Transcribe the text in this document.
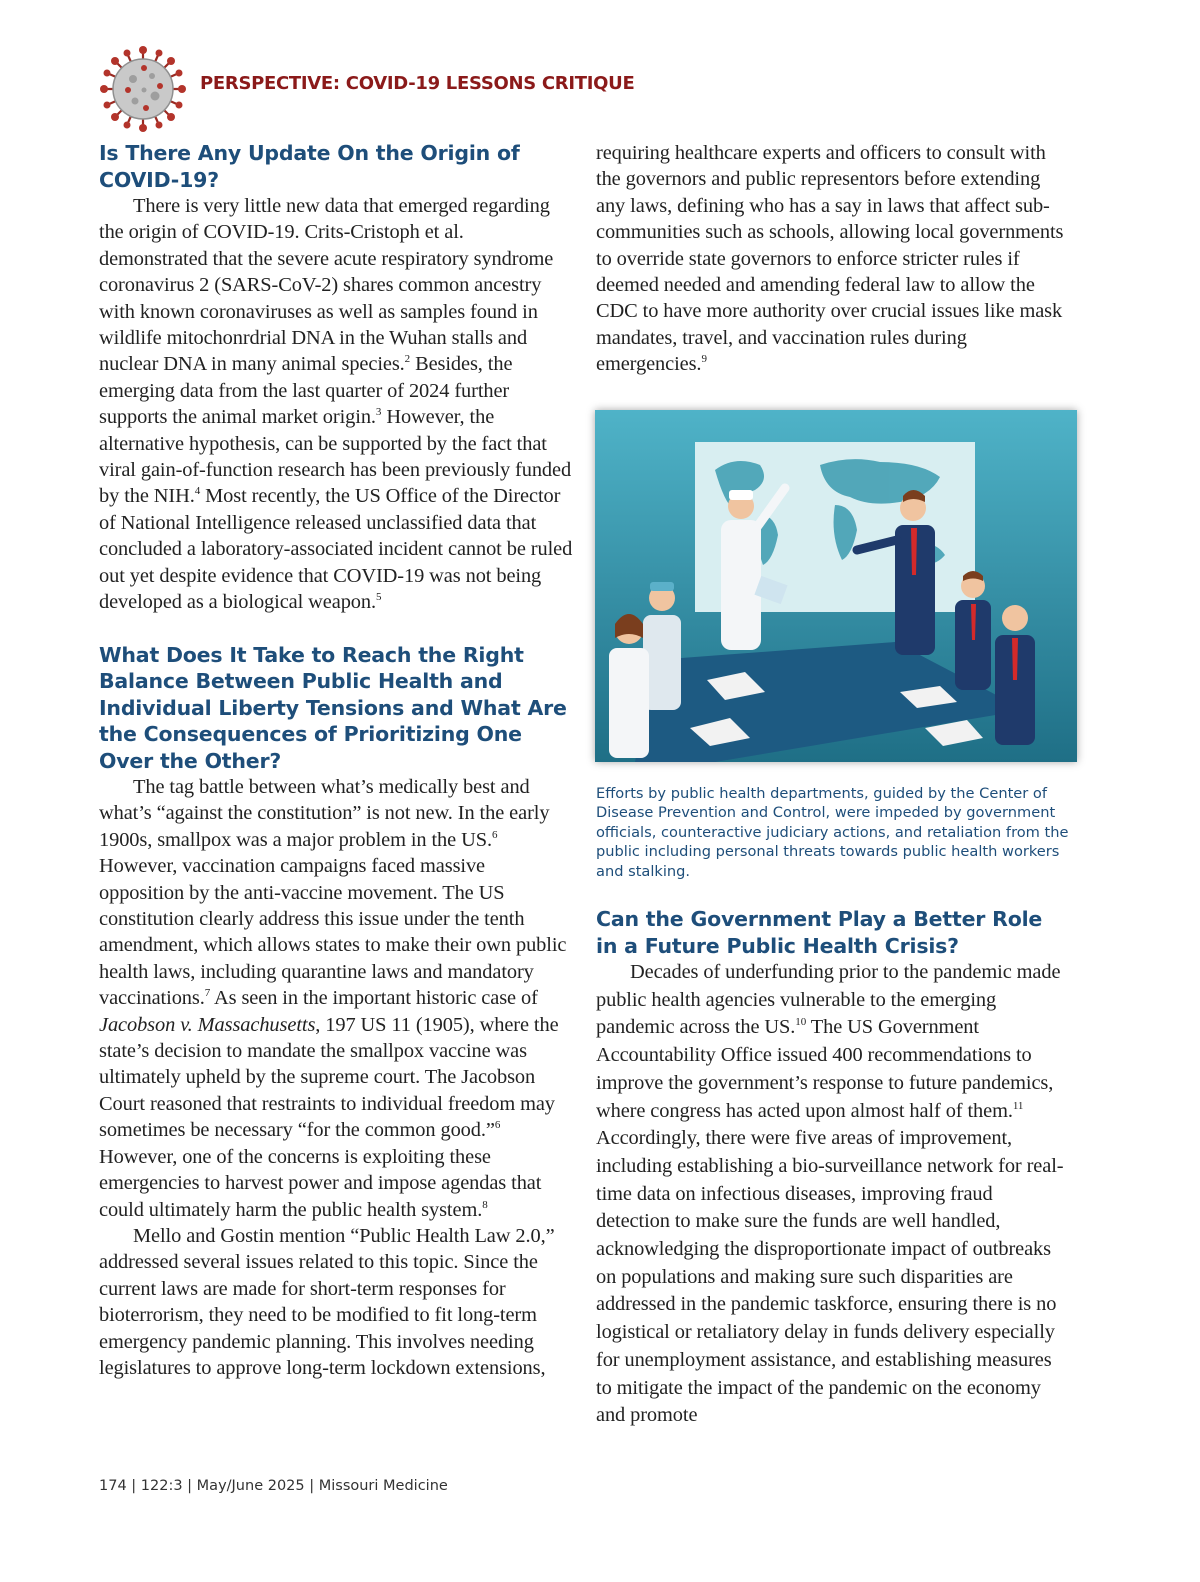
PERSPECTIVE: COVID-19 LESSONS CRITIQUE
Is There Any Update On the Origin of COVID-19?

There is very little new data that emerged regarding the origin of COVID-19. Crits-Cristoph et al. demonstrated that the severe acute respiratory syndrome coronavirus 2 (SARS-CoV-2) shares common ancestry with known coronaviruses as well as samples found in wildlife mitochonrdrial DNA in the Wuhan stalls and nuclear DNA in many animal species.$^2$ Besides, the emerging data from the last quarter of 2024 further supports the animal market origin.$^3$ However, the alternative hypothesis, can be supported by the fact that viral gain-of-function research has been previously funded by the NIH.$^4$ Most recently, the US Office of the Director of National Intelligence released unclassified data that concluded a laboratory-associated incident cannot be ruled out yet despite evidence that COVID-19 was not being developed as a biological weapon.$^5$

What Does It Take to Reach the Right Balance Between Public Health and Individual Liberty Tensions and What Are the Consequences of Prioritizing One Over the Other?

The tag battle between what’s medically best and what’s “against the constitution” is not new. In the early 1900s, smallpox was a major problem in the US.$^6$ However, vaccination campaigns faced massive opposition by the anti-vaccine movement. The US constitution clearly address this issue under the tenth amendment, which allows states to make their own public health laws, including quarantine laws and mandatory vaccinations.$^7$ As seen in the important historic case of Jacobson v. Massachusetts, 197 US 11 (1905), where the state’s decision to mandate the smallpox vaccine was ultimately upheld by the supreme court. The Jacobson Court reasoned that restraints to individual freedom may sometimes be necessary “for the common good.”$^6$ However, one of the concerns is exploiting these emergencies to harvest power and impose agendas that could ultimately harm the public health system.$^8$

Mello and Gostin mention “Public Health Law 2.0,” addressed several issues related to this topic. Since the current laws are made for short-term responses for bioterrorism, they need to be modified to fit long-term emergency pandemic planning. This involves needing legislatures to approve long-term lockdown extensions,

requiring healthcare experts and officers to consult with the governors and public representors before extending any laws, defining who has a say in laws that affect sub-communities such as schools, allowing local governments to override state governors to enforce stricter rules if deemed needed and amending federal law to allow the CDC to have more authority over crucial issues like mask mandates, travel, and vaccination rules during emergencies.$^9$

Efforts by public health departments, guided by the Center of Disease Prevention and Control, were impeded by government officials, counteractive judiciary actions, and retaliation from the public including personal threats towards public health workers and stalking.

Can the Government Play a Better Role in a Future Public Health Crisis?

Decades of underfunding prior to the pandemic made public health agencies vulnerable to the emerging pandemic across the US.$^{10}$ The US Government Accountability Office issued 400 recommendations to improve the government’s response to future pandemics, where congress has acted upon almost half of them.$^{11}$ Accordingly, there were five areas of improvement, including establishing a bio-surveillance network for real-time data on infectious diseases, improving fraud detection to make sure the funds are well handled, acknowledging the disproportionate impact of outbreaks on populations and making sure such disparities are addressed in the pandemic taskforce, ensuring there is no logistical or retaliatory delay in funds delivery especially for unemployment assistance, and establishing measures to mitigate the impact of the pandemic on the economy and promote

174 | 122:3 | May/June 2025 | Missouri Medicine
